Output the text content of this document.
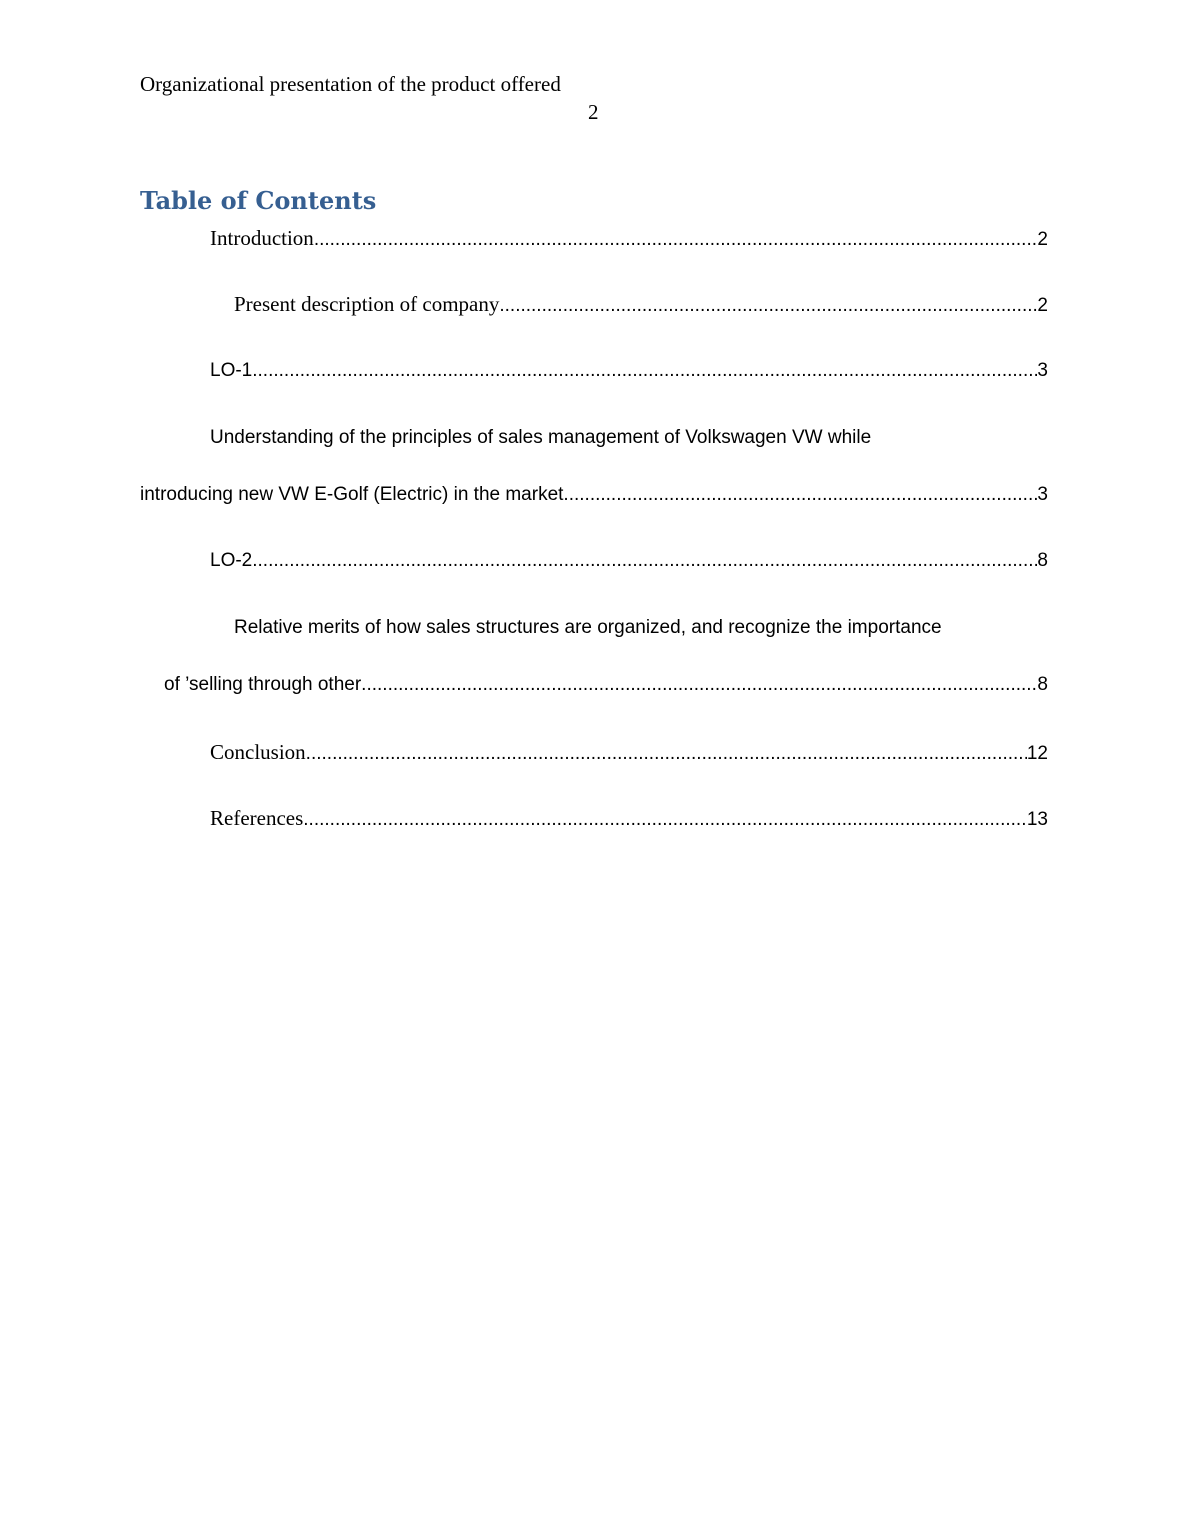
Organizational presentation of the product offered
2
Table of Contents
Introduction .....	2
Present description of company .....	2
LO-1 .....	3
Understanding of the principles of sales management of Volkswagen VW while
introducing new VW E-Golf (Electric) in the market .....	3
LO-2 .....	8
Relative merits of how sales structures are organized, and recognize the importance
of ’selling through other .....	8
Conclusion .....	12
References .....	13
